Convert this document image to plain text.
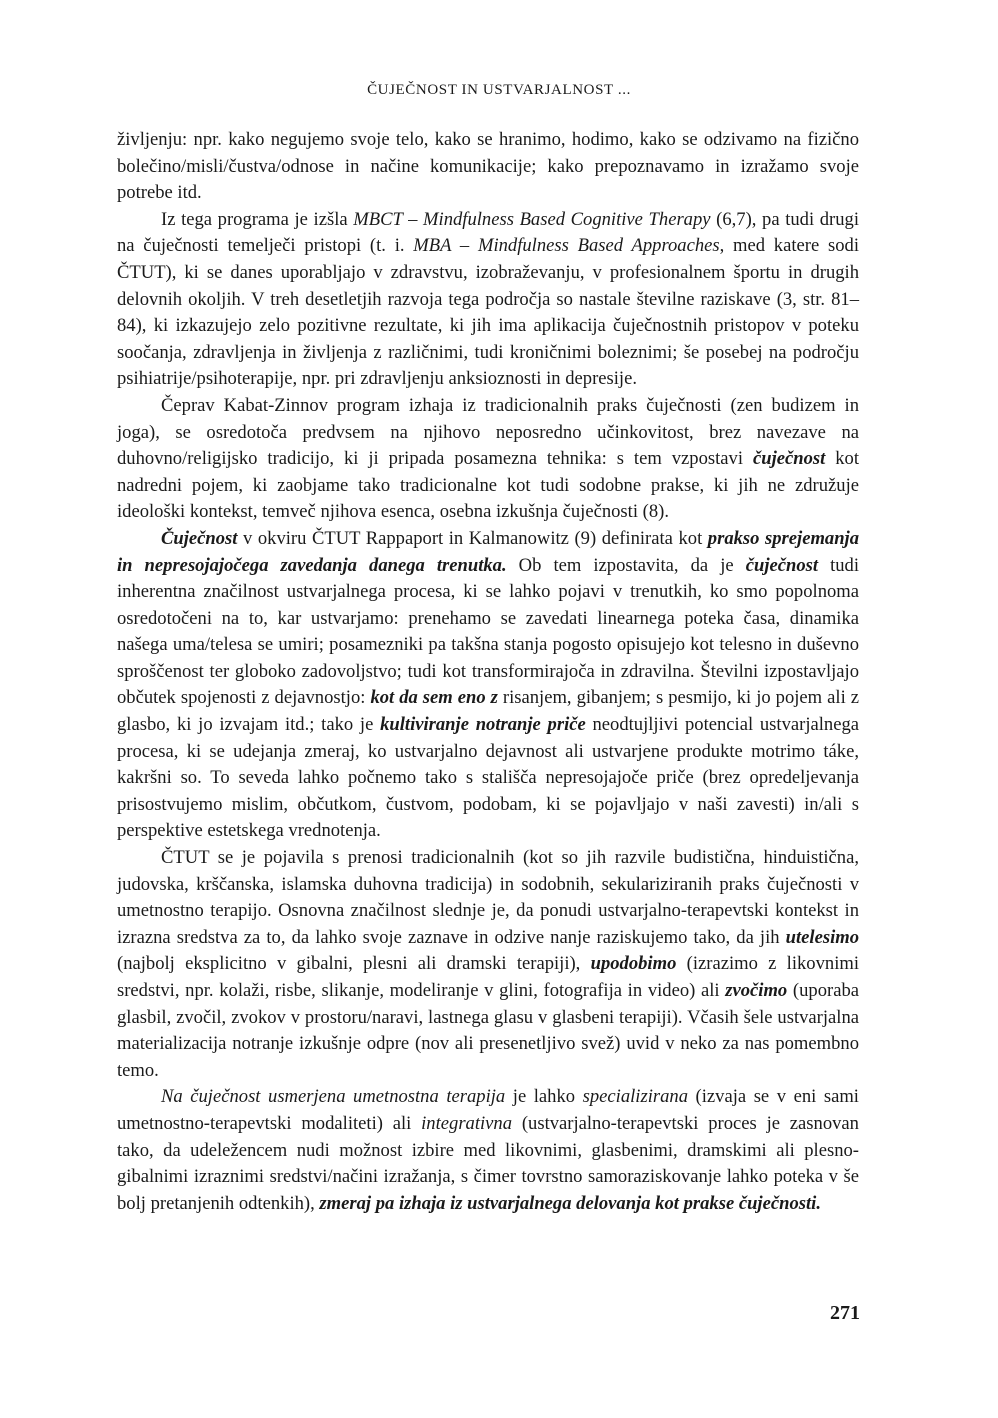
ČUJEČNOST IN USTVARJALNOST ...

življenju: npr. kako negujemo svoje telo, kako se hranimo, hodimo, kako se odzivamo na fizično bolečino/misli/čustva/odnose in načine komunikacije; kako prepoznavamo in izražamo svoje potrebe itd.

Iz tega programa je izšla MBCT – Mindfulness Based Cognitive Therapy (6,7), pa tudi drugi na čuječnosti temelječi pristopi (t. i. MBA – Mindfulness Based Approaches, med katere sodi ČTUT), ki se danes uporabljajo v zdravstvu, izobraževanju, v profesionalnem športu in drugih delovnih okoljih. V treh desetletjih razvoja tega področja so nastale številne raziskave (3, str. 81–84), ki izkazujejo zelo pozitivne rezultate, ki jih ima aplikacija čuječnostnih pristopov v poteku soočanja, zdravljenja in življenja z različnimi, tudi kroničnimi boleznimi; še posebej na področju psihiatrije/psihoterapije, npr. pri zdravljenju anksioznosti in depresije.

Čeprav Kabat-Zinnov program izhaja iz tradicionalnih praks čuječnosti (zen budizem in joga), se osredotoča predvsem na njihovo neposredno učinkovitost, brez navezave na duhovno/religijsko tradicijo, ki ji pripada posamezna tehnika: s tem vzpostavi čuječnost kot nadredni pojem, ki zaobjame tako tradicionalne kot tudi sodobne prakse, ki jih ne združuje ideološki kontekst, temveč njihova esenca, osebna izkušnja čuječnosti (8).

Čuječnost v okviru ČTUT Rappaport in Kalmanowitz (9) definirata kot prakso sprejemanja in nepresojajočega zavedanja danega trenutka. Ob tem izpostavita, da je čuječnost tudi inherentna značilnost ustvarjalnega procesa, ki se lahko pojavi v trenutkih, ko smo popolnoma osredotočeni na to, kar ustvarjamo: prenehamo se zavedati linearnega poteka časa, dinamika našega uma/telesa se umiri; posamezniki pa takšna stanja pogosto opisujejo kot telesno in duševno sproščenost ter globoko zadovoljstvo; tudi kot transformirajoča in zdravilna. Številni izpostavljajo občutek spojenosti z dejavnostjo: kot da sem eno z risanjem, gibanjem; s pesmijo, ki jo pojem ali z glasbo, ki jo izvajam itd.; tako je kultiviranje notranje priče neodtujljivi potencial ustvarjalnega procesa, ki se udejanja zmeraj, ko ustvarjalno dejavnost ali ustvarjene produkte motrimo táke, kakršni so. To seveda lahko počnemo tako s stališča nepresojajoče priče (brez opredeljevanja prisostvujemo mislim, občutkom, čustvom, podobam, ki se pojavljajo v naši zavesti) in/ali s perspektive estetskega vrednotenja.

ČTUT se je pojavila s prenosi tradicionalnih (kot so jih razvile budistična, hinduistična, judovska, krščanska, islamska duhovna tradicija) in sodobnih, sekulariziranih praks čuječnosti v umetnostno terapijo. Osnovna značilnost slednje je, da ponudi ustvarjalno-terapevtski kontekst in izrazna sredstva za to, da lahko svoje zaznave in odzive nanje raziskujemo tako, da jih utelesimo (najbolj eksplicitno v gibalni, plesni ali dramski terapiji), upodobimo (izrazimo z likovnimi sredstvi, npr. kolaži, risbe, slikanje, modeliranje v glini, fotografija in video) ali zvočimo (uporaba glasbil, zvočil, zvokov v prostoru/naravi, lastnega glasu v glasbeni terapiji). Včasih šele ustvarjalna materializacija notranje izkušnje odpre (nov ali presenetljivo svež) uvid v neko za nas pomembno temo.

Na čuječnost usmerjena umetnostna terapija je lahko specializirana (izvaja se v eni sami umetnostno-terapevtski modaliteti) ali integrativna (ustvarjalno-terapevtski proces je zasnovan tako, da udeležencem nudi možnost izbire med likovnimi, glasbenimi, dramskimi ali plesno-gibalnimi izraznimi sredstvi/načini izražanja, s čimer tovrstno samoraziskovanje lahko poteka v še bolj pretanjenih odtenkih), zmeraj pa izhaja iz ustvarjalnega delovanja kot prakse čuječnosti.

271
